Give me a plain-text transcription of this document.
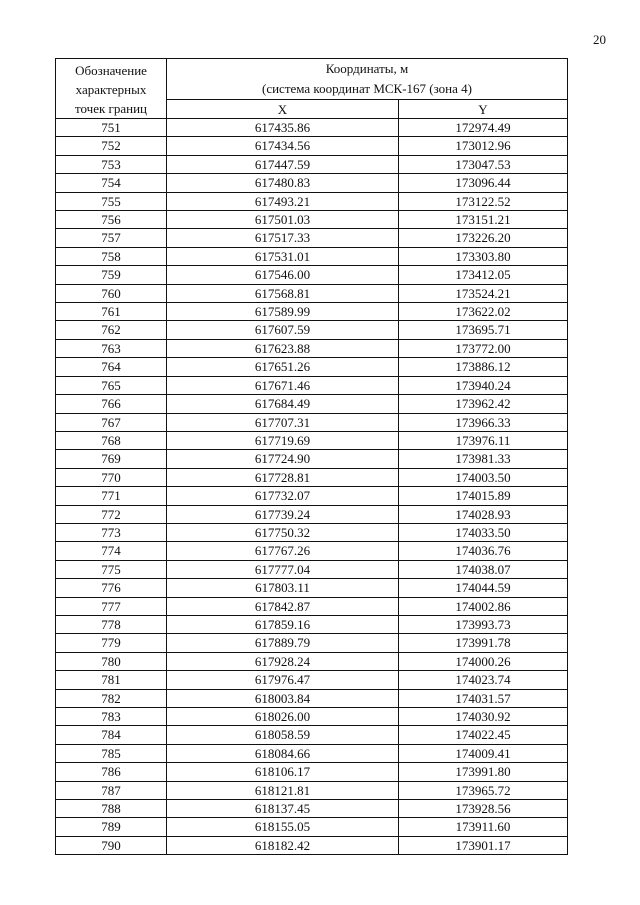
20
Обозначение
характерных
точек границ	Координаты, м
(система координат МСК-167 (зона 4)	
	X	Y
751	617435.86	172974.49
752	617434.56	173012.96
753	617447.59	173047.53
754	617480.83	173096.44
755	617493.21	173122.52
756	617501.03	173151.21
757	617517.33	173226.20
758	617531.01	173303.80
759	617546.00	173412.05
760	617568.81	173524.21
761	617589.99	173622.02
762	617607.59	173695.71
763	617623.88	173772.00
764	617651.26	173886.12
765	617671.46	173940.24
766	617684.49	173962.42
767	617707.31	173966.33
768	617719.69	173976.11
769	617724.90	173981.33
770	617728.81	174003.50
771	617732.07	174015.89
772	617739.24	174028.93
773	617750.32	174033.50
774	617767.26	174036.76
775	617777.04	174038.07
776	617803.11	174044.59
777	617842.87	174002.86
778	617859.16	173993.73
779	617889.79	173991.78
780	617928.24	174000.26
781	617976.47	174023.74
782	618003.84	174031.57
783	618026.00	174030.92
784	618058.59	174022.45
785	618084.66	174009.41
786	618106.17	173991.80
787	618121.81	173965.72
788	618137.45	173928.56
789	618155.05	173911.60
790	618182.42	173901.17
